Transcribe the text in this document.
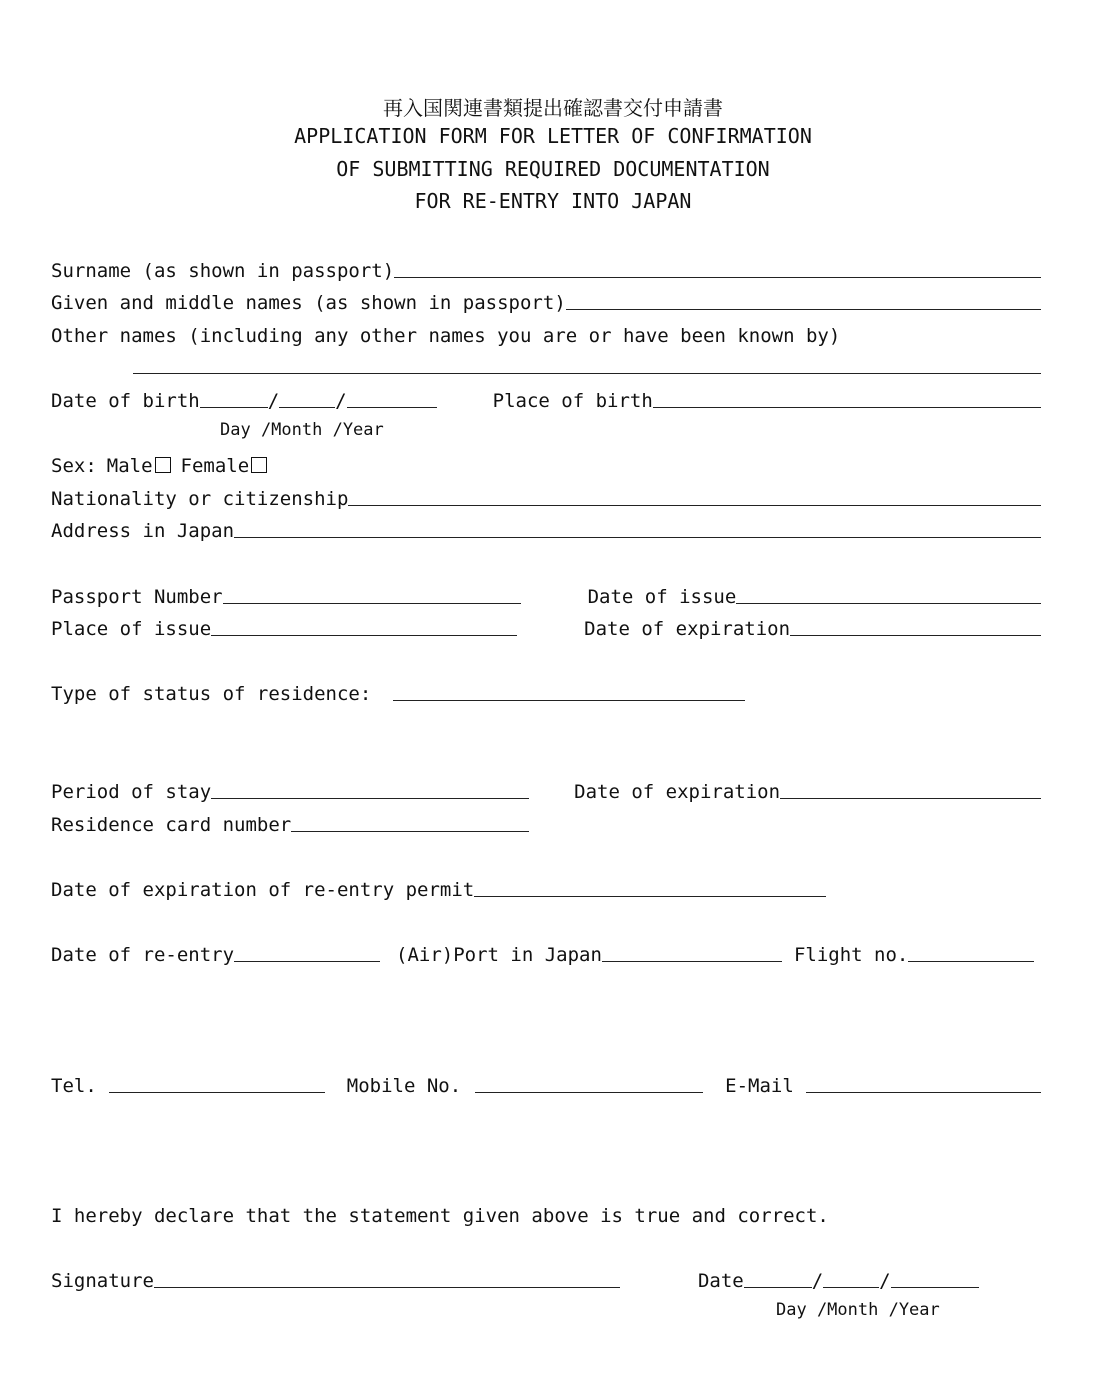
再入国関連書類提出確認書交付申請書
APPLICATION FORM FOR LETTER OF CONFIRMATION
OF SUBMITTING REQUIRED DOCUMENTATION
FOR RE-ENTRY INTO JAPAN
Surname (as shown in passport)
Given and middle names (as shown in passport)
Other names (including any other names you are or have been known by)
Date of birth	/	/	Place of birth
Day /Month /Year
Sex: Male Female
Nationality or citizenship
Address in Japan
Passport Number	Date of issue
Place of issue	Date of expiration
Type of status of residence:
Period of stay	Date of expiration
Residence card number
Date of expiration of re-entry permit
Date of re-entry	(Air)Port in Japan	Flight no.
Tel.	Mobile No.	E-Mail
I hereby declare that the statement given above is true and correct.
Signature	Date	/	/
Day /Month /Year
